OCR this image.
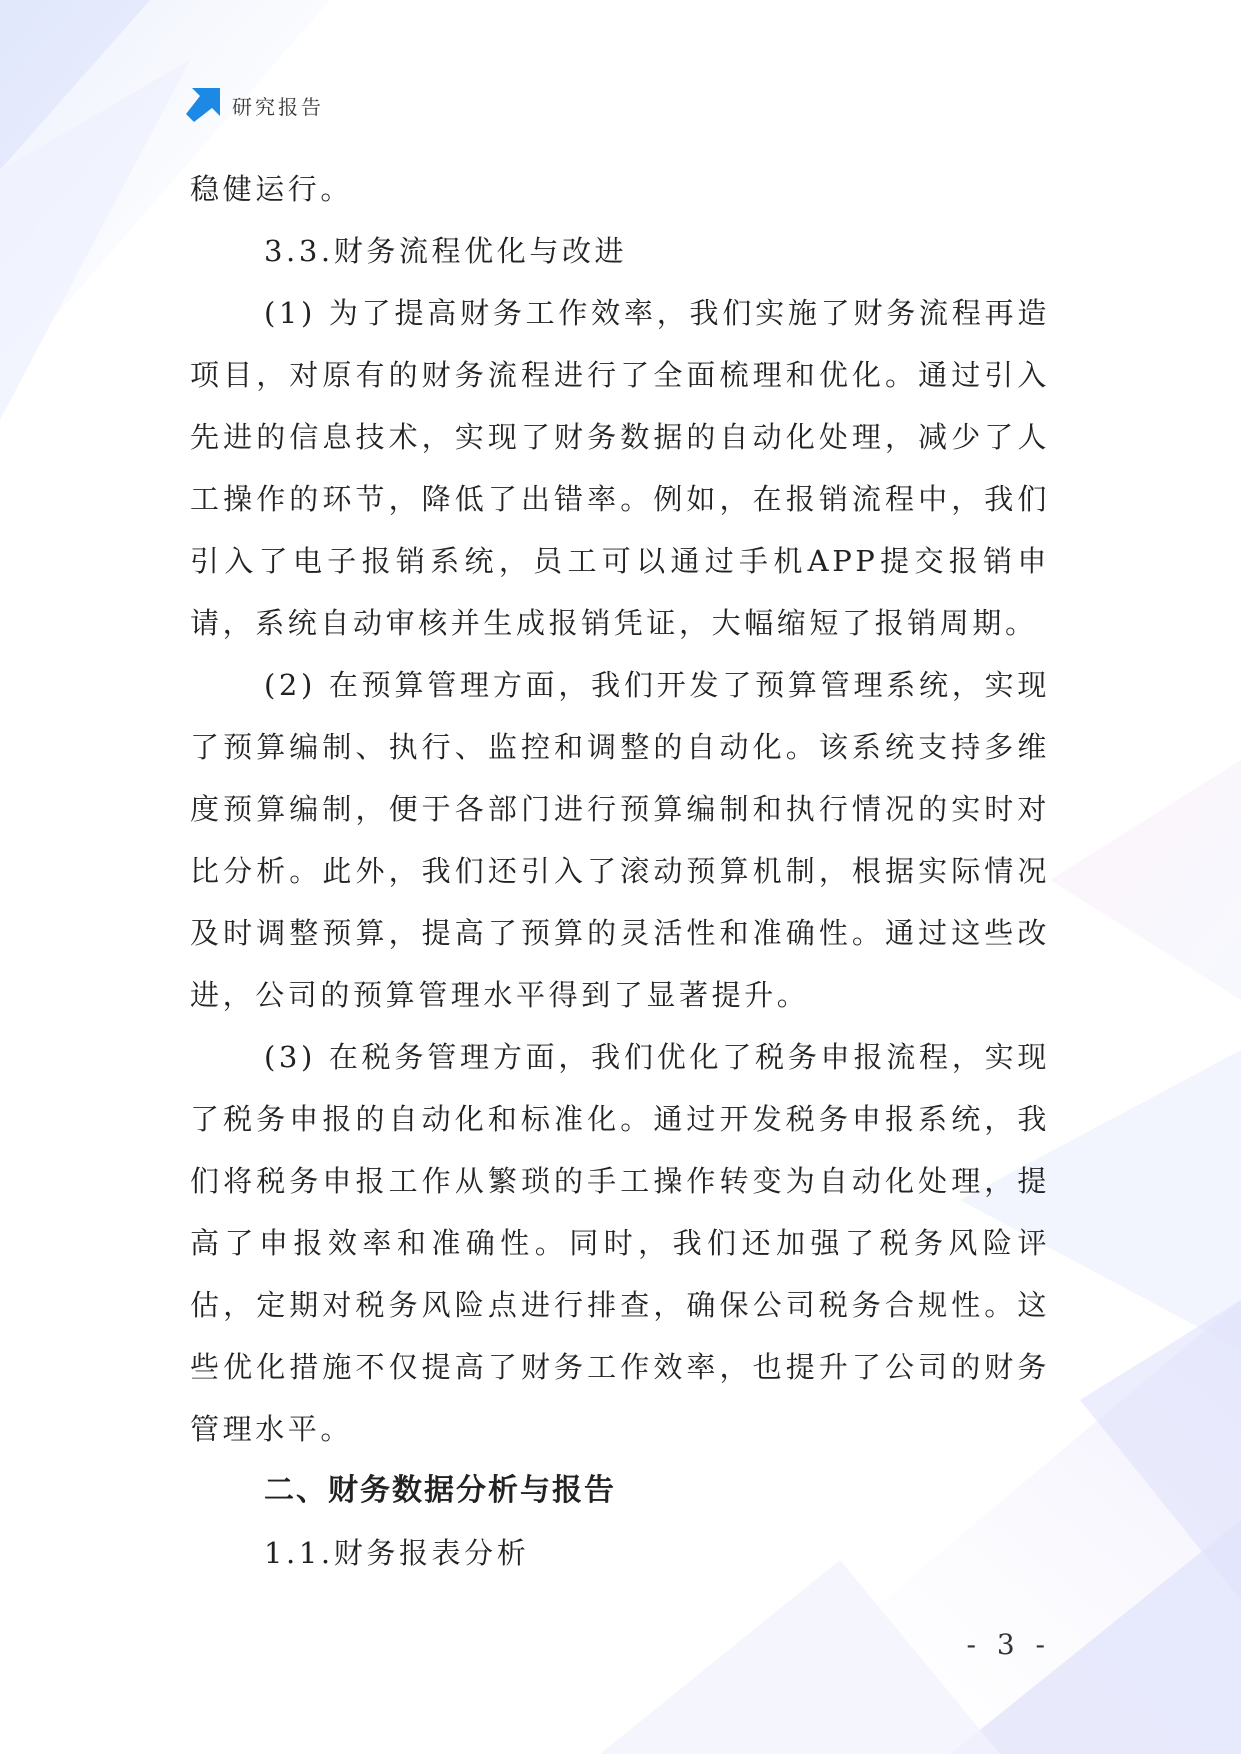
研究报告

稳健运行。

3.3.财务流程优化与改进

(1) 为了提高财务工作效率，我们实施了财务流程再造项目，对原有的财务流程进行了全面梳理和优化。通过引入先进的信息技术，实现了财务数据的自动化处理，减少了人工操作的环节，降低了出错率。例如，在报销流程中，我们引入了电子报销系统，员工可以通过手机APP提交报销申请，系统自动审核并生成报销凭证，大幅缩短了报销周期。

(2) 在预算管理方面，我们开发了预算管理系统，实现了预算编制、执行、监控和调整的自动化。该系统支持多维度预算编制，便于各部门进行预算编制和执行情况的实时对比分析。此外，我们还引入了滚动预算机制，根据实际情况及时调整预算，提高了预算的灵活性和准确性。通过这些改进，公司的预算管理水平得到了显著提升。

(3) 在税务管理方面，我们优化了税务申报流程，实现了税务申报的自动化和标准化。通过开发税务申报系统，我们将税务申报工作从繁琐的手工操作转变为自动化处理，提高了申报效率和准确性。同时，我们还加强了税务风险评估，定期对税务风险点进行排查，确保公司税务合规性。这些优化措施不仅提高了财务工作效率，也提升了公司的财务管理水平。

二、财务数据分析与报告

1.1.财务报表分析

- 3 -
